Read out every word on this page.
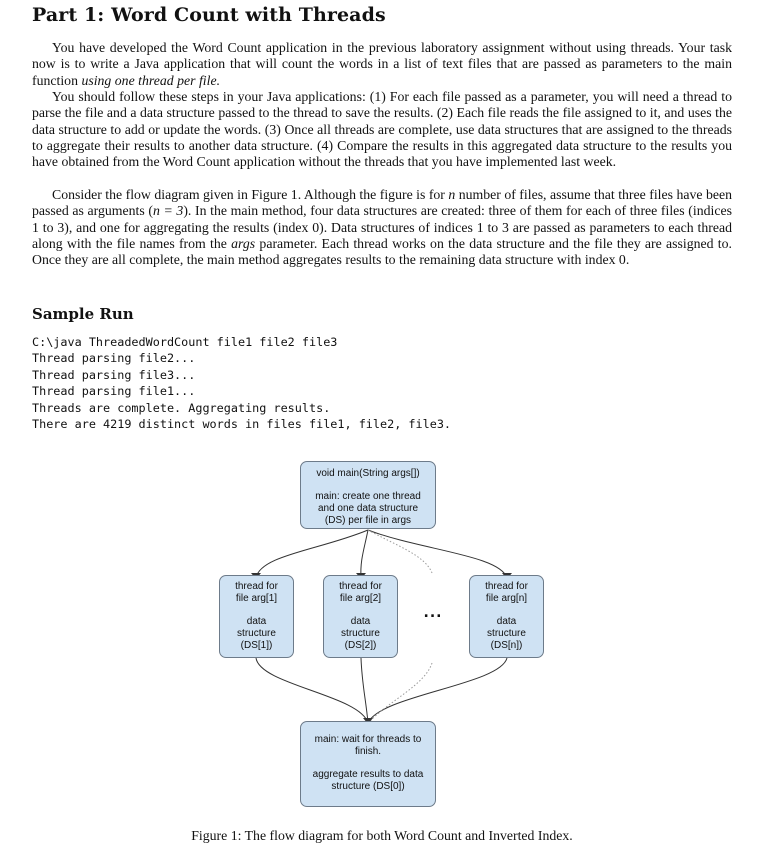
Part 1: Word Count with Threads
You have developed the Word Count application in the previous laboratory assignment without using threads. Your task now is to write a Java application that will count the words in a list of text files that are passed as parameters to the main function using one thread per file.
You should follow these steps in your Java applications: (1) For each file passed as a parameter, you will need a thread to parse the file and a data structure passed to the thread to save the results. (2) Each file reads the file assigned to it, and uses the data structure to add or update the words. (3) Once all threads are complete, use data structures that are assigned to the threads to aggregate their results to another data structure. (4) Compare the results in this aggregated data structure to the results you have obtained from the Word Count application without the threads that you have implemented last week.
Consider the flow diagram given in Figure 1. Although the figure is for n number of files, assume that three files have been passed as arguments (n = 3). In the main method, four data structures are created: three of them for each of three files (indices 1 to 3), and one for aggregating the results (index 0). Data structures of indices 1 to 3 are passed as parameters to each thread along with the file names from the args parameter. Each thread works on the data structure and the file they are assigned to. Once they are all complete, the main method aggregates results to the remaining data structure with index 0.
Sample Run
C:\java ThreadedWordCount file1 file2 file3
Thread parsing file2...
Thread parsing file3...
Thread parsing file1...
Threads are complete. Aggregating results.
There are 4219 distinct words in files file1, file2, file3.
void main(String args[])
main: create one thread
and one data structure
(DS) per file in args
thread for
file arg[1]
data
structure
(DS[1])
thread for
file arg[2]
data
structure
(DS[2])
...
thread for
file arg[n]
data
structure
(DS[n])
main: wait for threads to
finish.
aggregate results to data
structure (DS[0])
Figure 1: The flow diagram for both Word Count and Inverted Index.
